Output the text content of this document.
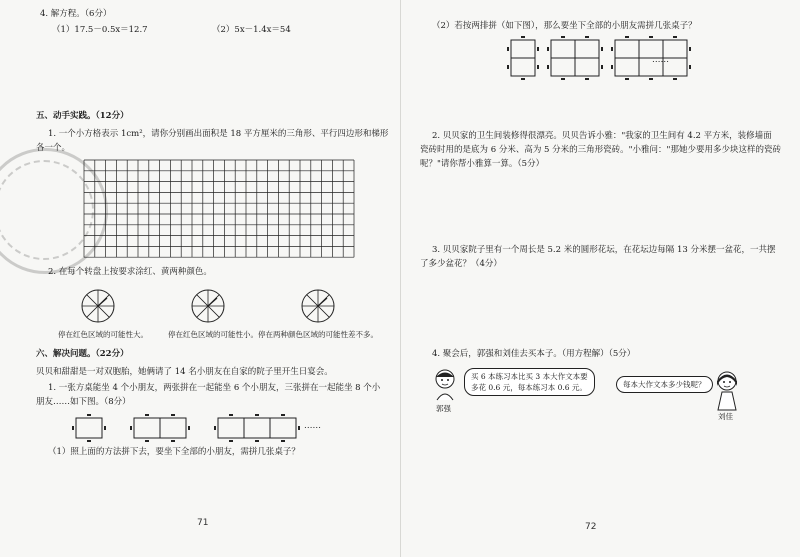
4. 解方程。（6分）
（1）17.5－0.5x＝12.7	（2）5x－1.4x＝54
五、动手实践。（12分）
1. 一个小方格表示 1cm²，请你分别画出面积是 18 平方厘米的三角形、平行四边形和梯形
各一个。
2. 在每个转盘上按要求涂红、黄两种颜色。
停在红色区域的可能性大。	停在红色区域的可能性小。 停在两种颜色区域的可能性差不多。
六、解决问题。（22分）
贝贝和甜甜是一对双胞胎，她俩请了 14 名小朋友在自家的院子里开生日宴会。
1. 一张方桌能坐 4 个小朋友，两张拼在一起能坐 6 个小朋友，三张拼在一起能坐 8 个小
朋友……如下图。（8分）
……
（1）照上面的方法拼下去，要坐下全部的小朋友，需拼几张桌子？
71
（2）若按两排拼（如下图），那么要坐下全部的小朋友需拼几张桌子？
……
2. 贝贝家的卫生间装修得很漂亮。贝贝告诉小雅："我家的卫生间有 4.2 平方米，装修墙面
瓷砖时用的是底为 6 分米、高为 5 分米的三角形瓷砖。"小雅问："那她少要用多少块这样的瓷砖
呢？"请你帮小雅算一算。（5分）
3. 贝贝家院子里有一个周长是 5.2 米的圆形花坛，在花坛边每隔 13 分米摆一盆花，一共摆
了多少盆花？（4分）
4. 聚会后，郭强和刘佳去买本子。（用方程解）（5分）
郭强
买 6 本练习本比买 3 本大作文本要
多花 0.6 元，每本练习本 0.6 元。	每本大作文本多少钱呢？
刘佳
72
